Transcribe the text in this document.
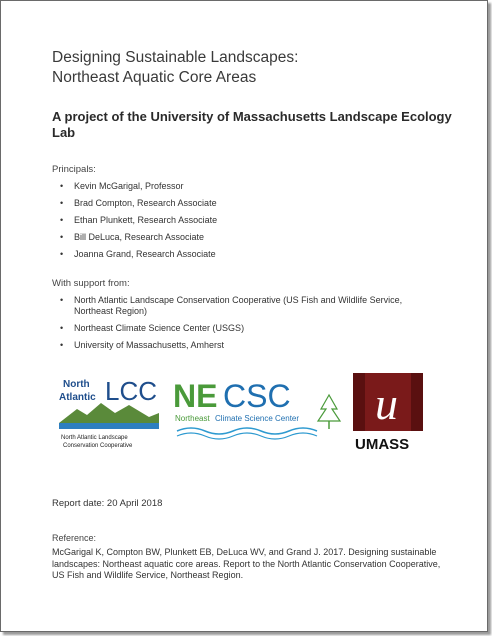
Designing Sustainable Landscapes:
Northeast Aquatic Core Areas
A project of the University of Massachusetts Landscape Ecology Lab

Principals:

• Kevin McGarigal, Professor
• Brad Compton, Research Associate
• Ethan Plunkett, Research Associate
• Bill DeLuca, Research Associate
• Joanna Grand, Research Associate

With support from:

• North Atlantic Landscape Conservation Cooperative (US Fish and Wildlife Service, Northeast Region)
• Northeast Climate Science Center (USGS)
• University of Massachusetts, Amherst
North
Atlantic LCC
North Atlantic Landscape
Conservation Cooperative
NE CSC
Northeast Climate Science Center u
UMASS

Report date: 20 April 2018

Reference:

McGarigal K, Compton BW, Plunkett EB, DeLuca WV, and Grand J. 2017. Designing sustainable landscapes: Northeast aquatic core areas. Report to the North Atlantic Conservation Cooperative, US Fish and Wildlife Service, Northeast Region.
